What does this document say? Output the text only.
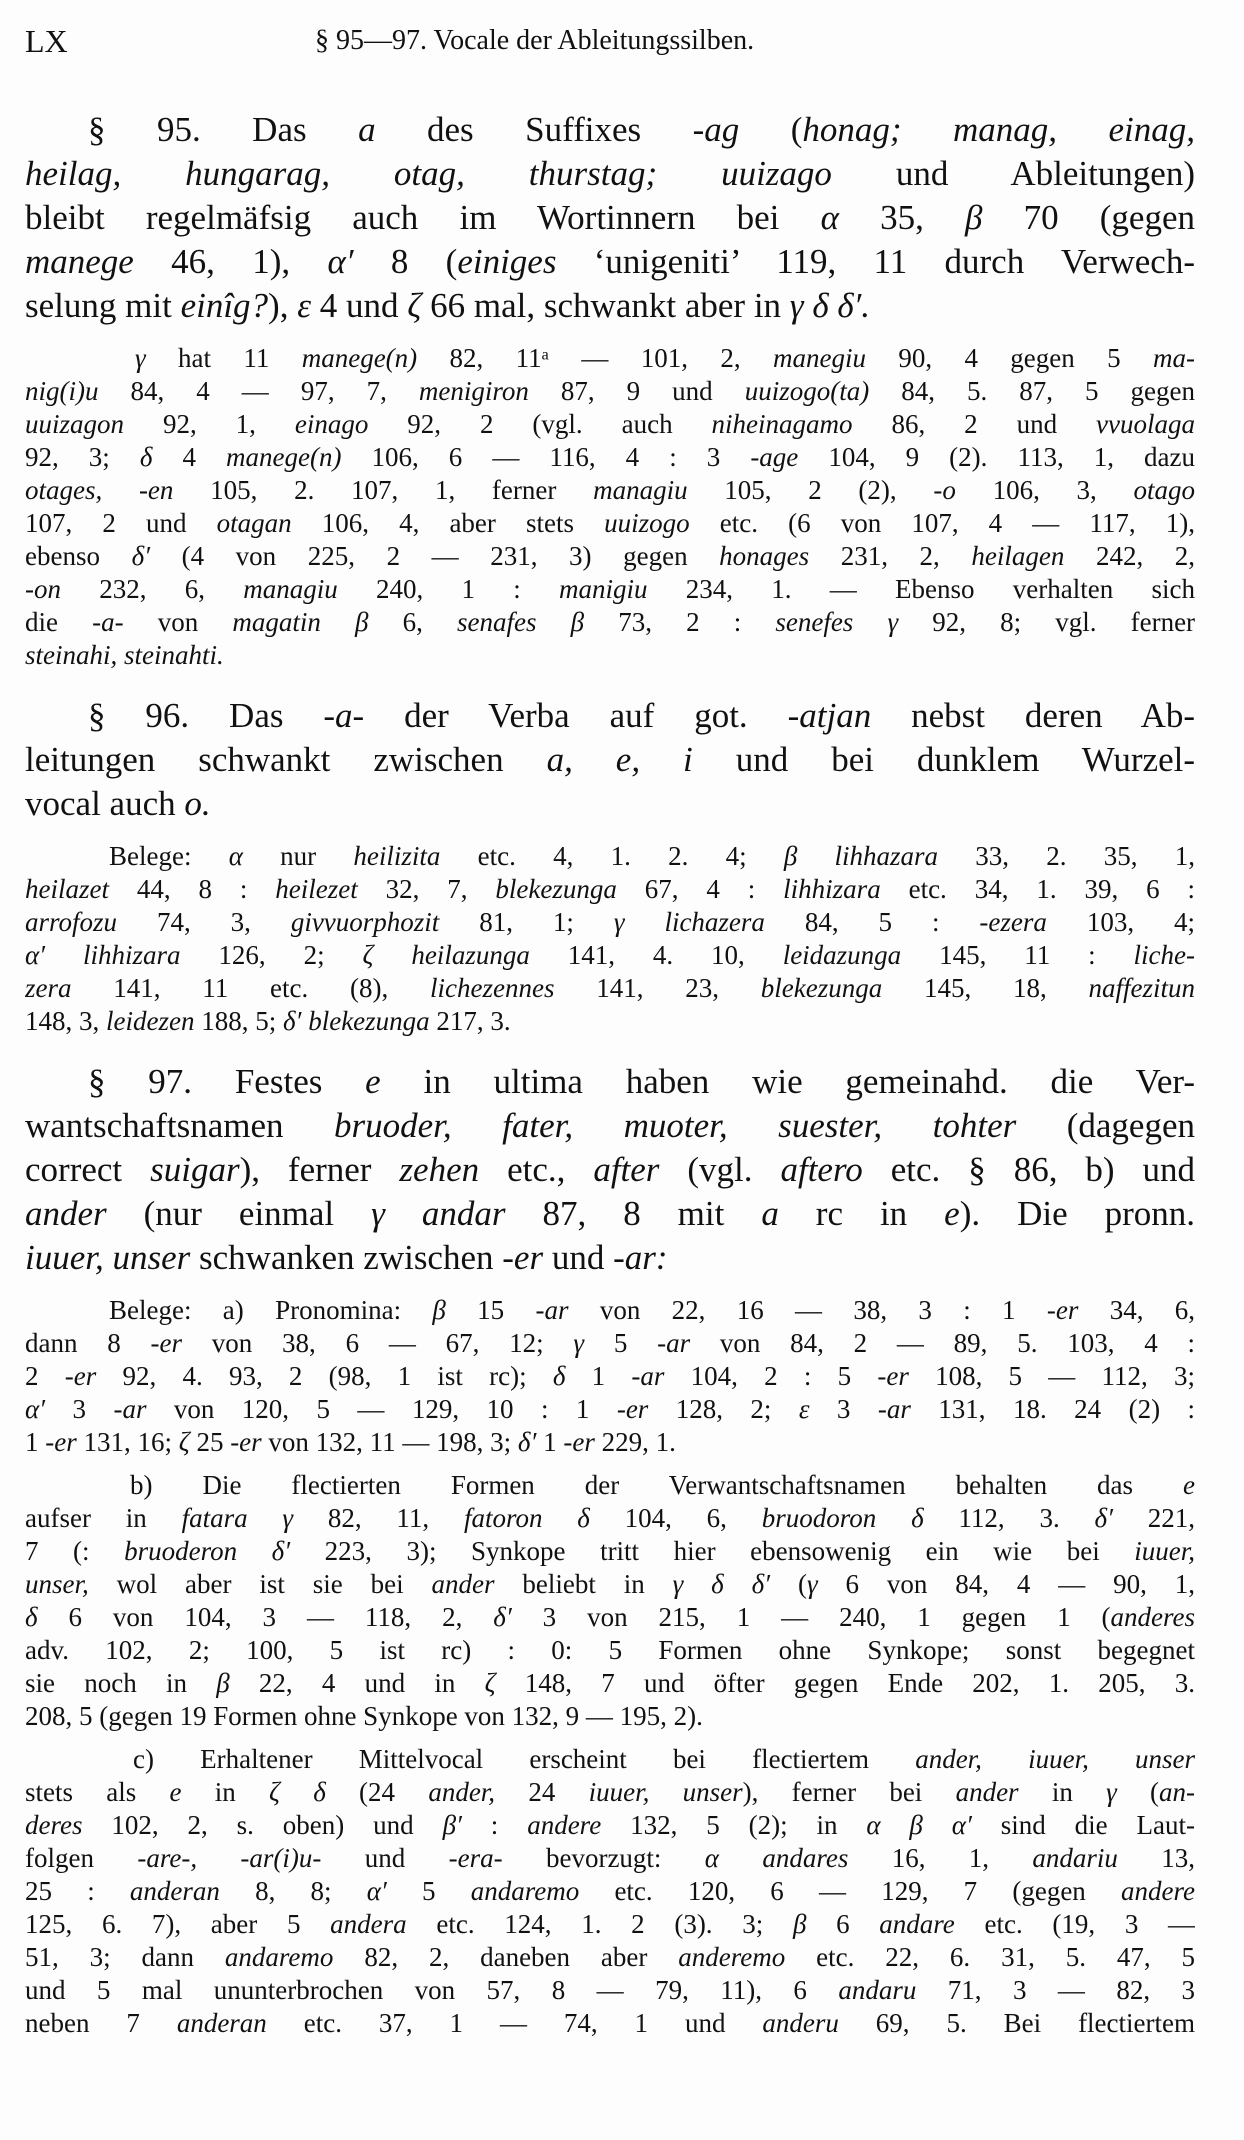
LX	§ 95—97. Vocale der Ableitungssilben.
§ 95. Das a des Suffixes -ag (honag; manag, einag,
heilag, hungarag, otag, thurstag; uuizago und Ableitungen)
bleibt regelmäfsig auch im Wortinnern bei α 35, β 70 (gegen
manege 46, 1), α′ 8 (einiges ‘unigeniti’ 119, 11 durch Verwech-
selung mit einîg?), ε 4 und ζ 66 mal, schwankt aber in γ δ δ′.
γ hat 11 manege(n) 82, 11ᵃ — 101, 2, manegiu 90, 4 gegen 5 ma-
nig(i)u 84, 4 — 97, 7, menigiron 87, 9 und uuizogo(ta) 84, 5. 87, 5 gegen
uuizagon 92, 1, einago 92, 2 (vgl. auch niheinagamo 86, 2 und vvuolaga
92, 3; δ 4 manege(n) 106, 6 — 116, 4 : 3 -age 104, 9 (2). 113, 1, dazu
otages, -en 105, 2. 107, 1, ferner managiu 105, 2 (2), -o 106, 3, otago
107, 2 und otagan 106, 4, aber stets uuizogo etc. (6 von 107, 4 — 117, 1),
ebenso δ′ (4 von 225, 2 — 231, 3) gegen honages 231, 2, heilagen 242, 2,
-on 232, 6, managiu 240, 1 : manigiu 234, 1. — Ebenso verhalten sich
die -a- von magatin β 6, senafes β 73, 2 : senefes γ 92, 8; vgl. ferner
steinahi, steinahti.
§ 96. Das -a- der Verba auf got. -atjan nebst deren Ab-
leitungen schwankt zwischen a, e, i und bei dunklem Wurzel-
vocal auch o.
Belege: α nur heilizita etc. 4, 1. 2. 4; β lihhazara 33, 2. 35, 1,
heilazet 44, 8 : heilezet 32, 7, blekezunga 67, 4 : lihhizara etc. 34, 1. 39, 6 :
arrofozu 74, 3, givvuorphozit 81, 1; γ lichazera 84, 5 : -ezera 103, 4;
α′ lihhizara 126, 2; ζ heilazunga 141, 4. 10, leidazunga 145, 11 : liche-
zera 141, 11 etc. (8), lichezennes 141, 23, blekezunga 145, 18, naffezitun
148, 3, leidezen 188, 5; δ′ blekezunga 217, 3.
§ 97. Festes e in ultima haben wie gemeinahd. die Ver-
wantschaftsnamen bruoder, fater, muoter, suester, tohter (dagegen
correct suigar), ferner zehen etc., after (vgl. aftero etc. § 86, b) und
ander (nur einmal γ andar 87, 8 mit a rc in e). Die pronn.
iuuer, unser schwanken zwischen -er und -ar:
Belege: a) Pronomina: β 15 -ar von 22, 16 — 38, 3 : 1 -er 34, 6,
dann 8 -er von 38, 6 — 67, 12; γ 5 -ar von 84, 2 — 89, 5. 103, 4 :
2 -er 92, 4. 93, 2 (98, 1 ist rc); δ 1 -ar 104, 2 : 5 -er 108, 5 — 112, 3;
α′ 3 -ar von 120, 5 — 129, 10 : 1 -er 128, 2; ε 3 -ar 131, 18. 24 (2) :
1 -er 131, 16; ζ 25 -er von 132, 11 — 198, 3; δ′ 1 -er 229, 1.
b) Die flectierten Formen der Verwantschaftsnamen behalten das e
aufser in fatara γ 82, 11, fatoron δ 104, 6, bruodoron δ 112, 3. δ′ 221,
7 (: bruoderon δ′ 223, 3); Synkope tritt hier ebensowenig ein wie bei iuuer,
unser, wol aber ist sie bei ander beliebt in γ δ δ′ (γ 6 von 84, 4 — 90, 1,
δ 6 von 104, 3 — 118, 2, δ′ 3 von 215, 1 — 240, 1 gegen 1 (anderes
adv. 102, 2; 100, 5 ist rc) : 0: 5 Formen ohne Synkope; sonst begegnet
sie noch in β 22, 4 und in ζ 148, 7 und öfter gegen Ende 202, 1. 205, 3.
208, 5 (gegen 19 Formen ohne Synkope von 132, 9 — 195, 2).
c) Erhaltener Mittelvocal erscheint bei flectiertem ander, iuuer, unser
stets als e in ζ δ (24 ander, 24 iuuer, unser), ferner bei ander in γ (an-
deres 102, 2, s. oben) und β′ : andere 132, 5 (2); in α β α′ sind die Laut-
folgen -are-, -ar(i)u- und -era- bevorzugt: α andares 16, 1, andariu 13,
25 : anderan 8, 8; α′ 5 andaremo etc. 120, 6 — 129, 7 (gegen andere
125, 6. 7), aber 5 andera etc. 124, 1. 2 (3). 3; β 6 andare etc. (19, 3 —
51, 3; dann andaremo 82, 2, daneben aber anderemo etc. 22, 6. 31, 5. 47, 5
und 5 mal ununterbrochen von 57, 8 — 79, 11), 6 andaru 71, 3 — 82, 3
neben 7 anderan etc. 37, 1 — 74, 1 und anderu 69, 5. Bei flectiertem
